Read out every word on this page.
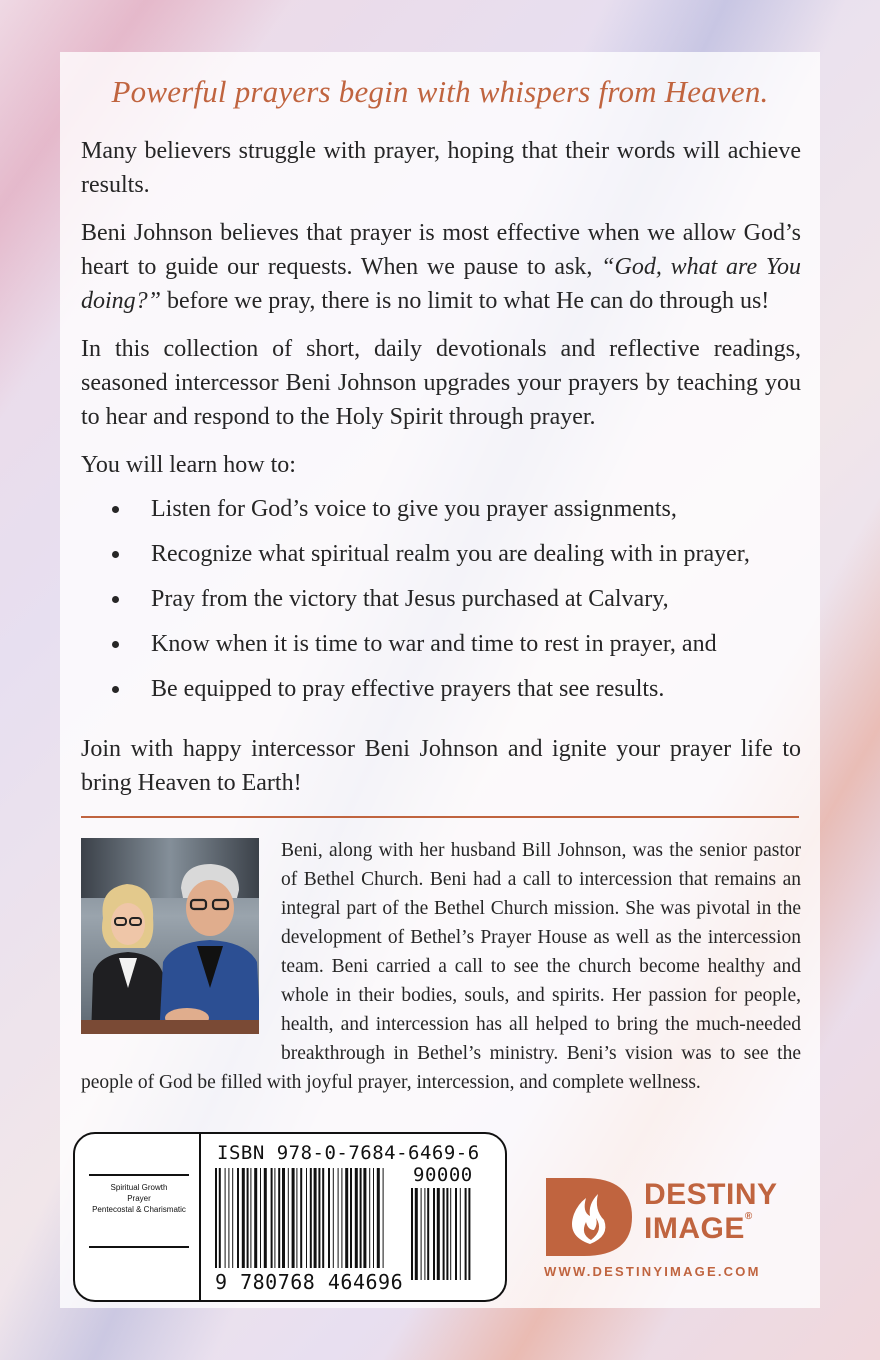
Powerful prayers begin with whispers from Heaven.

Many believers struggle with prayer, hoping that their words will achieve results.

Beni Johnson believes that prayer is most effective when we allow God’s heart to guide our requests. When we pause to ask, “God, what are You doing?” before we pray, there is no limit to what He can do through us!

In this collection of short, daily devotionals and reflective readings, seasoned intercessor Beni Johnson upgrades your prayers by teaching you to hear and respond to the Holy Spirit through prayer.

You will learn how to:

Listen for God’s voice to give you prayer assignments,
Recognize what spiritual realm you are dealing with in prayer,
Pray from the victory that Jesus purchased at Calvary,
Know when it is time to war and time to rest in prayer, and
Be equipped to pray effective prayers that see results.

Join with happy intercessor Beni Johnson and ignite your prayer life to bring Heaven to Earth!

Beni, along with her husband Bill Johnson, was the senior pastor of Bethel Church. Beni had a call to intercession that remains an integral part of the Bethel Church mission. She was pivotal in the development of Bethel’s Prayer House as well as the intercession team. Beni carried a call to see the church become healthy and whole in their bodies, souls, and spirits. Her passion for people, health, and intercession has all helped to bring the much-needed breakthrough in Bethel’s ministry. Beni’s vision was to see the people of God be filled with joyful prayer, intercession, and complete wellness.

Spiritual Growth
Prayer
Pentecostal & Charismatic
ISBN 978-0-7684-6469-6
90000
9 780768 464696
DESTINY
IMAGE®
WWW.DESTINYIMAGE.COM
